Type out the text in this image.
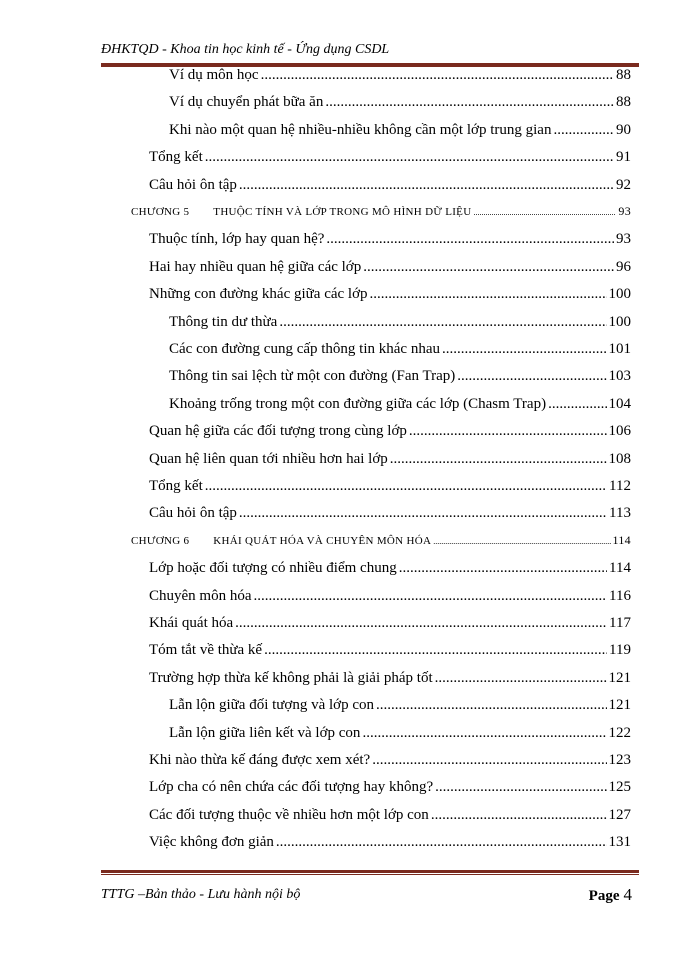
ĐHKTQD - Khoa tin học kinh tế - Ứng dụng CSDL
Ví dụ môn học .....	88
Ví dụ chuyển phát bữa ăn .....	88
Khi nào một quan hệ nhiều-nhiều không cần một lớp trung gian .....	90
Tổng kết .....	91
Câu hỏi ôn tập .....	92
CHƯƠNG 5 THUỘC TÍNH VÀ LỚP TRONG MÔ HÌNH DỮ LIỆU .....	93
Thuộc tính, lớp hay quan hệ? .....	93
Hai hay nhiều quan hệ giữa các lớp .....	96
Những con đường khác giữa các lớp .....	100
Thông tin dư thừa .....	100
Các con đường cung cấp thông tin khác nhau .....	101
Thông tin sai lệch từ một con đường (Fan Trap) .....	103
Khoảng trống trong một con đường giữa các lớp (Chasm Trap) .....	104
Quan hệ giữa các đối tượng trong cùng lớp .....	106
Quan hệ liên quan tới nhiều hơn hai lớp .....	108
Tổng kết .....	112
Câu hỏi ôn tập .....	113
CHƯƠNG 6 KHÁI QUÁT HÓA VÀ CHUYÊN MÔN HÓA .....	114
Lớp hoặc đối tượng có nhiều điểm chung .....	114
Chuyên môn hóa .....	116
Khái quát hóa .....	117
Tóm tắt về thừa kế .....	119
Trường hợp thừa kế không phải là giải pháp tốt .....	121
Lẫn lộn giữa đối tượng và lớp con .....	121
Lẫn lộn giữa liên kết và lớp con .....	122
Khi nào thừa kế đáng được xem xét? .....	123
Lớp cha có nên chứa các đối tượng hay không? .....	125
Các đối tượng thuộc về nhiều hơn một lớp con .....	127
Việc không đơn giản .....	131
TTTG –Bản thảo - Lưu hành nội bộ	Page 4
